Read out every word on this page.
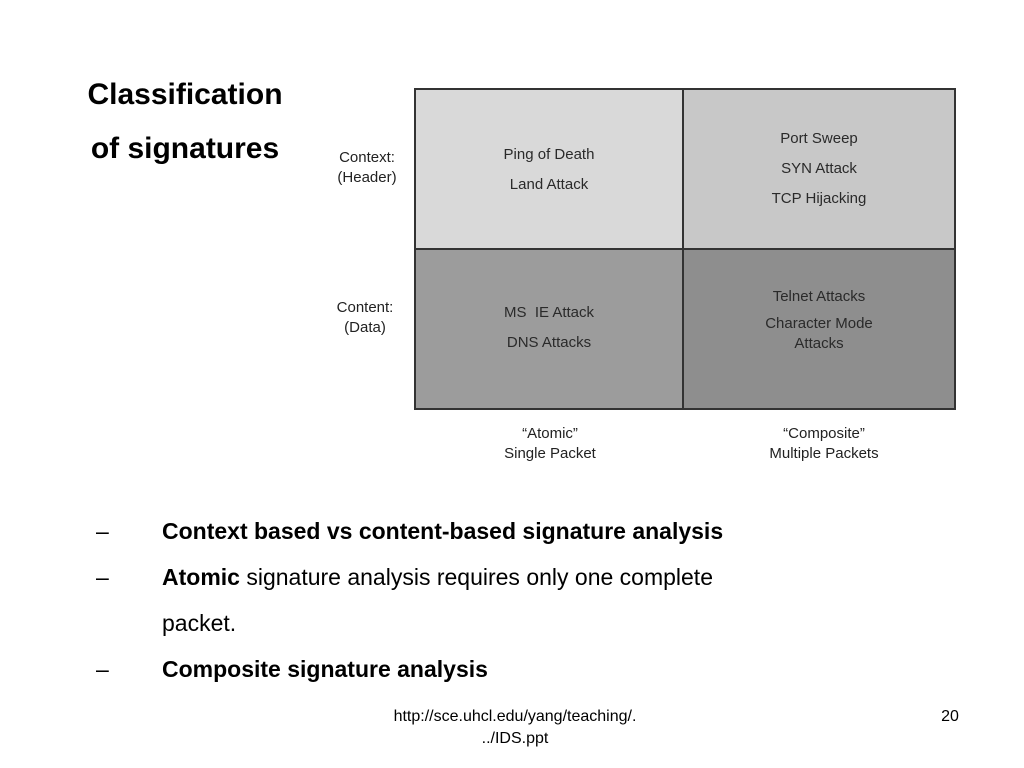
Classification
of signatures	Context:
(Header)
Content:
(Data)
Ping of Death
Land Attack
Port Sweep
SYN Attack
TCP Hijacking
MS  IE Attack
DNS Attacks
Telnet Attacks
Character Mode
Attacks
“Atomic”
Single Packet
“Composite”
Multiple Packets
– Context based vs content-based signature analysis
– Atomic signature analysis requires only one complete
packet.
– Composite signature analysis
http://sce.uhcl.edu/yang/teaching/.
../IDS.ppt
20
